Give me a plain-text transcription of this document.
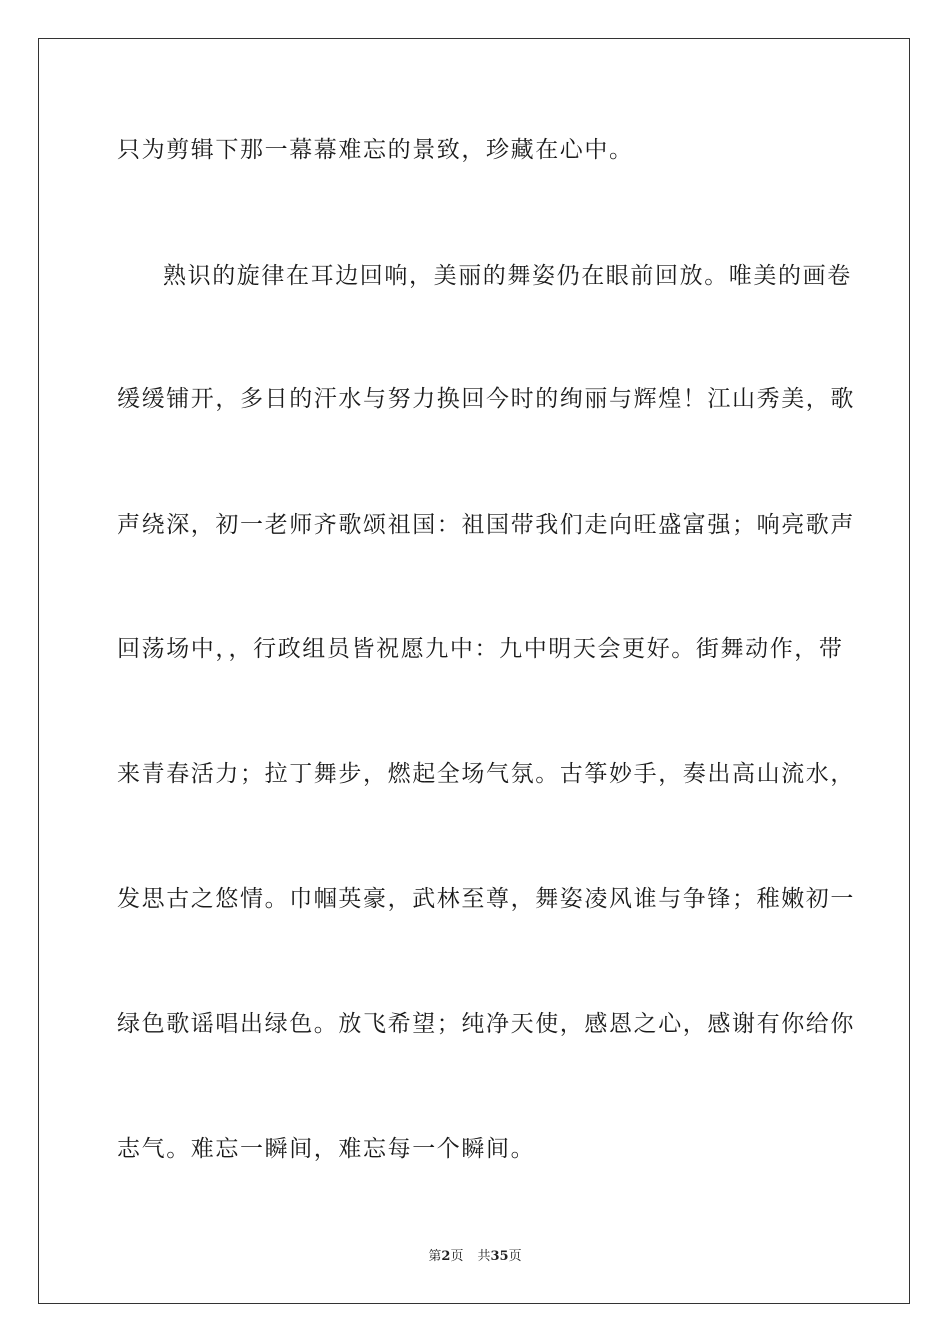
只为剪辑下那一幕幕难忘的景致，珍藏在心中。
熟识的旋律在耳边回响，美丽的舞姿仍在眼前回放。唯美的画卷
缓缓铺开，多日的汗水与努力换回今时的绚丽与辉煌！江山秀美，歌
声绕深，初一老师齐歌颂祖国：祖国带我们走向旺盛富强；响亮歌声
回荡场中，，行政组员皆祝愿九中：九中明天会更好。街舞动作，带
来青春活力；拉丁舞步，燃起全场气氛。古筝妙手，奏出高山流水，
发思古之悠情。巾帼英豪，武林至尊，舞姿凌风谁与争锋；稚嫩初一
绿色歌谣唱出绿色。放飞希望；纯净天使，感恩之心，感谢有你给你
志气。难忘一瞬间，难忘每一个瞬间。
第2页 共35页
